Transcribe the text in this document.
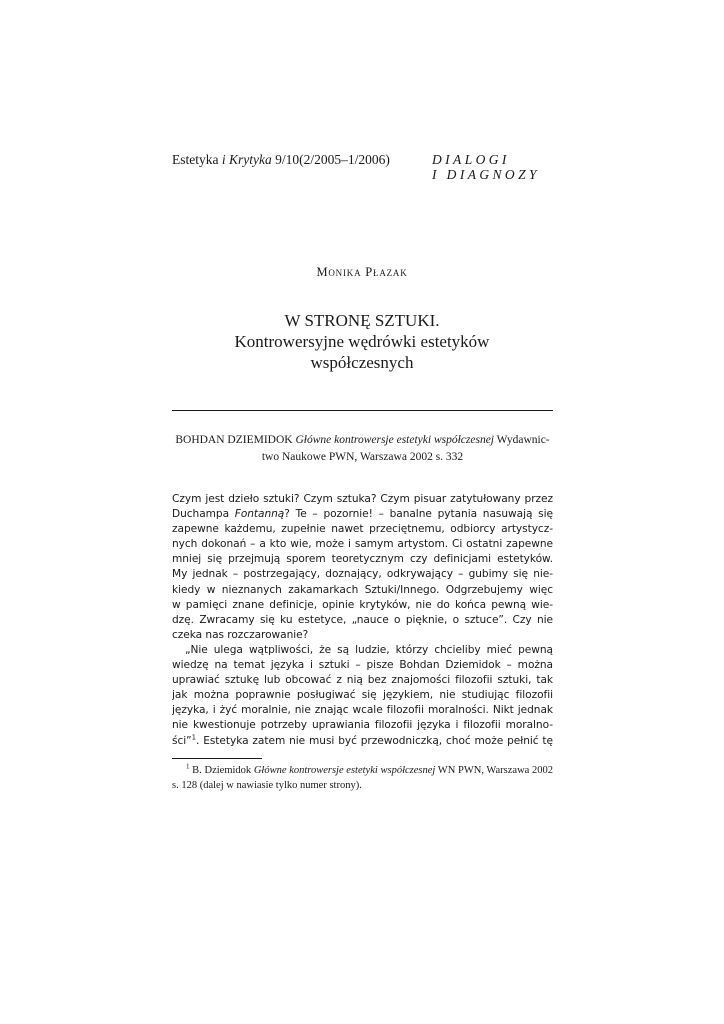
Estetyka i Krytyka 9/10(2/2005–1/2006)	DIALOGI
I DIAGNOZY
Monika Płazak
W STRONĘ SZTUKI.
Kontrowersyjne wędrówki estetyków
współczesnych
BOHDAN DZIEMIDOK Główne kontrowersje estetyki współczesnej Wydawnic-
two Naukowe PWN, Warszawa 2002 s. 332
Czym jest dzieło sztuki? Czym sztuka? Czym pisuar zatytułowany przez
Duchampa Fontanną? Te – pozornie! – banalne pytania nasuwają się
zapewne każdemu, zupełnie nawet przeciętnemu, odbiorcy artystycz-
nych dokonań – a kto wie, może i samym artystom. Ci ostatni zapewne
mniej się przejmują sporem teoretycznym czy definicjami estetyków.
My jednak – postrzegający, doznający, odkrywający – gubimy się nie-
kiedy w nieznanych zakamarkach Sztuki/Innego. Odgrzebujemy więc
w pamięci znane definicje, opinie krytyków, nie do końca pewną wie-
dzę. Zwracamy się ku estetyce, „nauce o pięknie, o sztuce”. Czy nie
czeka nas rozczarowanie?
„Nie ulega wątpliwości, że są ludzie, którzy chcieliby mieć pewną
wiedzę na temat języka i sztuki – pisze Bohdan Dziemidok – można
uprawiać sztukę lub obcować z nią bez znajomości filozofii sztuki, tak
jak można poprawnie posługiwać się językiem, nie studiując filozofii
języka, i żyć moralnie, nie znając wcale filozofii moralności. Nikt jednak
nie kwestionuje potrzeby uprawiania filozofii języka i filozofii moralno-
ści”$^1$. Estetyka zatem nie musi być przewodniczką, choć może pełnić tę
$^1$ B. Dziemidok Główne kontrowersje estetyki współczesnej WN PWN, Warszawa 2002
s. 128 (dalej w nawiasie tylko numer strony).
